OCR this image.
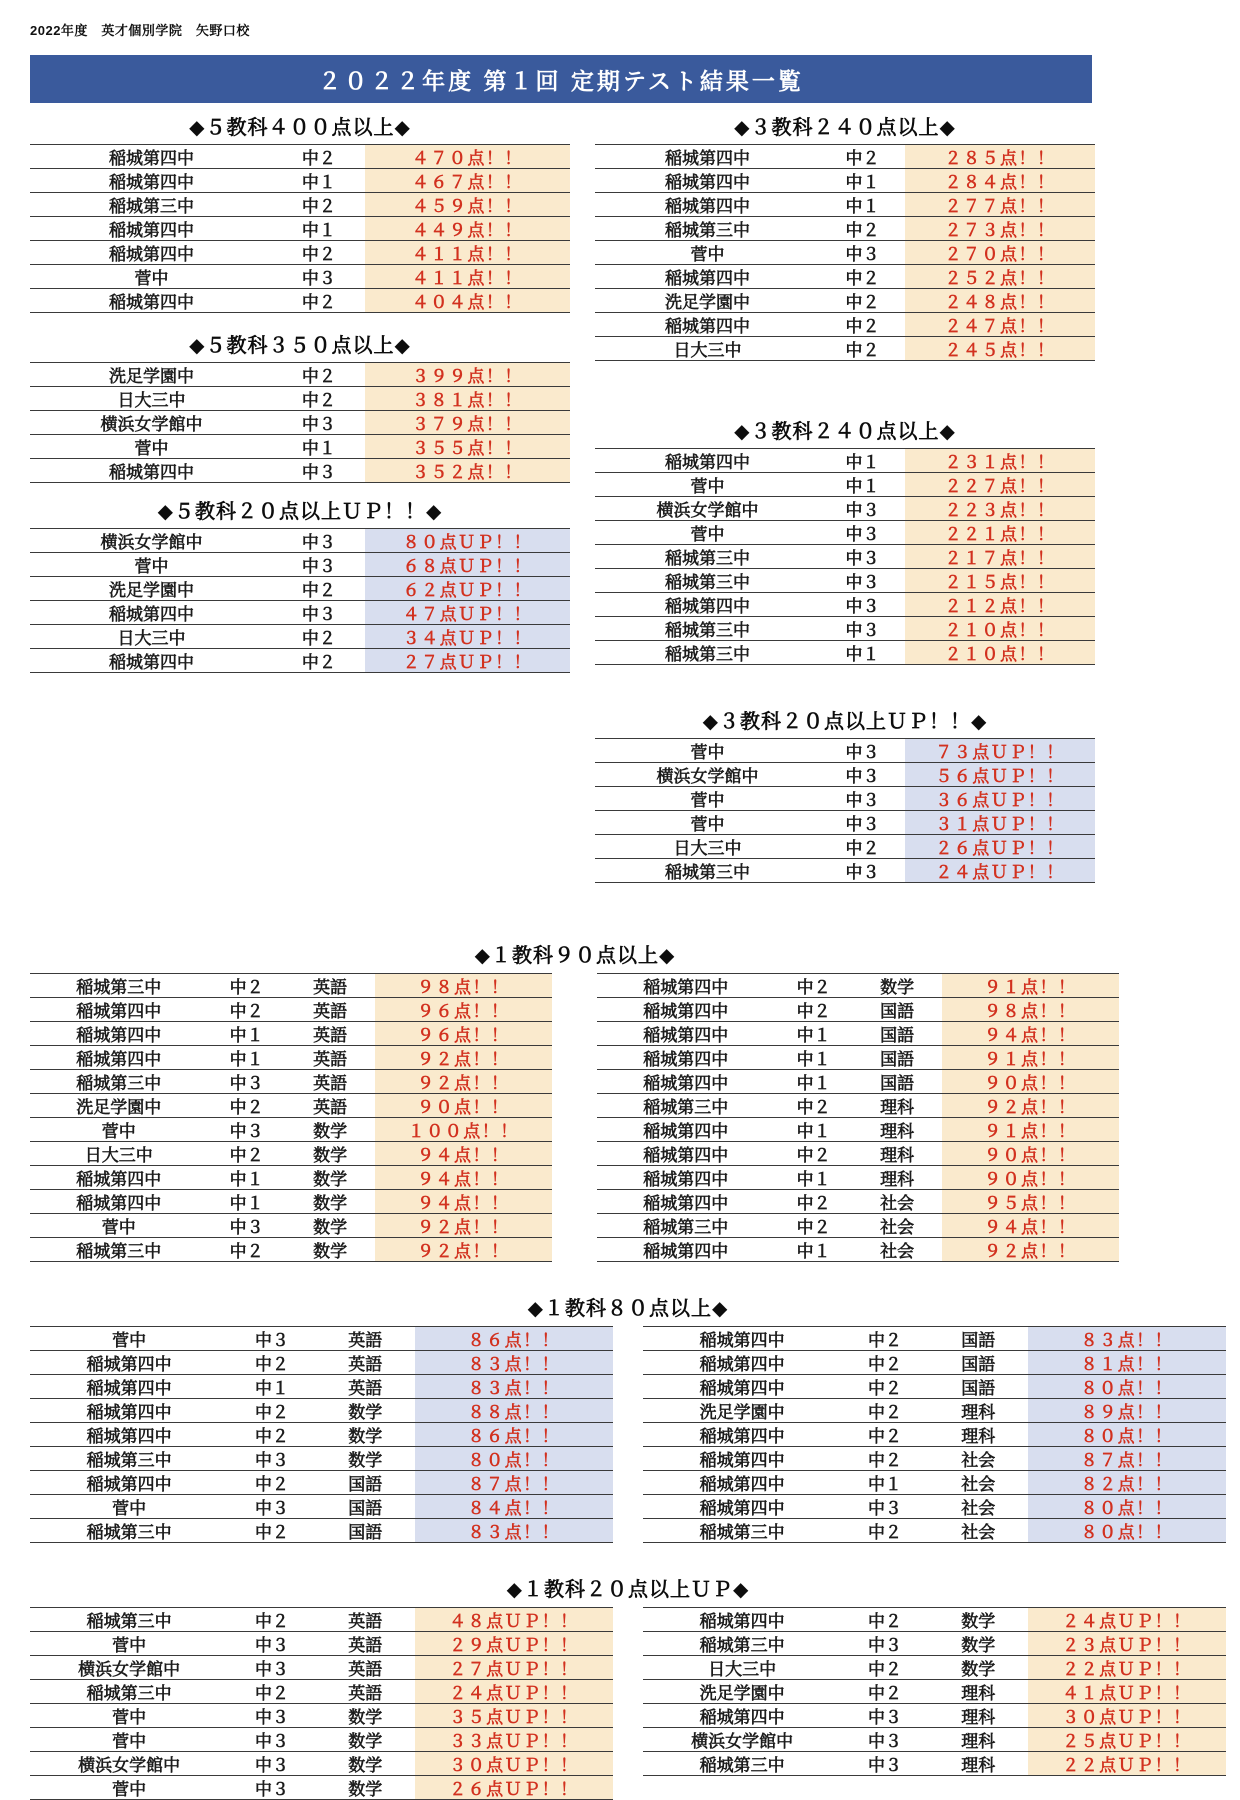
2022年度　英才個別学院　矢野口校
２０２２年度 第１回 定期テスト結果一覧
◆５教科４００点以上◆
稲城第四中	中２	４７０点！！
稲城第四中	中１	４６７点！！
稲城第三中	中２	４５９点！！
稲城第四中	中１	４４９点！！
稲城第四中	中２	４１１点！！
菅中	中３	４１１点！！
稲城第四中	中２	４０４点！！
◆５教科３５０点以上◆
洗足学園中	中２	３９９点！！
日大三中	中２	３８１点！！
横浜女学館中	中３	３７９点！！
菅中	中１	３５５点！！
稲城第四中	中３	３５２点！！
◆５教科２０点以上ＵＰ！！◆
横浜女学館中	中３	８０点ＵＰ！！
菅中	中３	６８点ＵＰ！！
洗足学園中	中２	６２点ＵＰ！！
稲城第四中	中３	４７点ＵＰ！！
日大三中	中２	３４点ＵＰ！！
稲城第四中	中２	２７点ＵＰ！！
◆３教科２４０点以上◆
稲城第四中	中２	２８５点！！
稲城第四中	中１	２８４点！！
稲城第四中	中１	２７７点！！
稲城第三中	中２	２７３点！！
菅中	中３	２７０点！！
稲城第四中	中２	２５２点！！
洗足学園中	中２	２４８点！！
稲城第四中	中２	２４７点！！
日大三中	中２	２４５点！！
◆３教科２４０点以上◆
稲城第四中	中１	２３１点！！
菅中	中１	２２７点！！
横浜女学館中	中３	２２３点！！
菅中	中３	２２１点！！
稲城第三中	中３	２１７点！！
稲城第三中	中３	２１５点！！
稲城第四中	中３	２１２点！！
稲城第三中	中３	２１０点！！
稲城第三中	中１	２１０点！！
◆３教科２０点以上ＵＰ！！◆
菅中	中３	７３点ＵＰ！！
横浜女学館中	中３	５６点ＵＰ！！
菅中	中３	３６点ＵＰ！！
菅中	中３	３１点ＵＰ！！
日大三中	中２	２６点ＵＰ！！
稲城第三中	中３	２４点ＵＰ！！
◆１教科９０点以上◆
稲城第三中	中２	英語	９８点！！
稲城第四中	中２	英語	９６点！！
稲城第四中	中１	英語	９６点！！
稲城第四中	中１	英語	９２点！！
稲城第三中	中３	英語	９２点！！
洗足学園中	中２	英語	９０点！！
菅中	中３	数学	１００点！！
日大三中	中２	数学	９４点！！
稲城第四中	中１	数学	９４点！！
稲城第四中	中１	数学	９４点！！
菅中	中３	数学	９２点！！
稲城第三中	中２	数学	９２点！！
稲城第四中	中２	数学	９１点！！
稲城第四中	中２	国語	９８点！！
稲城第四中	中１	国語	９４点！！
稲城第四中	中１	国語	９１点！！
稲城第四中	中１	国語	９０点！！
稲城第三中	中２	理科	９２点！！
稲城第四中	中１	理科	９１点！！
稲城第四中	中２	理科	９０点！！
稲城第四中	中１	理科	９０点！！
稲城第四中	中２	社会	９５点！！
稲城第三中	中２	社会	９４点！！
稲城第四中	中１	社会	９２点！！
◆１教科８０点以上◆
菅中	中３	英語	８６点！！
稲城第四中	中２	英語	８３点！！
稲城第四中	中１	英語	８３点！！
稲城第四中	中２	数学	８８点！！
稲城第四中	中２	数学	８６点！！
稲城第三中	中３	数学	８０点！！
稲城第四中	中２	国語	８７点！！
菅中	中３	国語	８４点！！
稲城第三中	中２	国語	８３点！！
稲城第四中	中２	国語	８３点！！
稲城第四中	中２	国語	８１点！！
稲城第四中	中２	国語	８０点！！
洗足学園中	中２	理科	８９点！！
稲城第四中	中２	理科	８０点！！
稲城第四中	中２	社会	８７点！！
稲城第四中	中１	社会	８２点！！
稲城第四中	中３	社会	８０点！！
稲城第三中	中２	社会	８０点！！
◆１教科２０点以上ＵＰ◆
稲城第三中	中２	英語	４８点ＵＰ！！
菅中	中３	英語	２９点ＵＰ！！
横浜女学館中	中３	英語	２７点ＵＰ！！
稲城第三中	中２	英語	２４点ＵＰ！！
菅中	中３	数学	３５点ＵＰ！！
菅中	中３	数学	３３点ＵＰ！！
横浜女学館中	中３	数学	３０点ＵＰ！！
菅中	中３	数学	２６点ＵＰ！！
稲城第四中	中２	数学	２４点ＵＰ！！
稲城第三中	中３	数学	２３点ＵＰ！！
日大三中	中２	数学	２２点ＵＰ！！
洗足学園中	中２	理科	４１点ＵＰ！！
稲城第四中	中３	理科	３０点ＵＰ！！
横浜女学館中	中３	理科	２５点ＵＰ！！
稲城第三中	中３	理科	２２点ＵＰ！！
